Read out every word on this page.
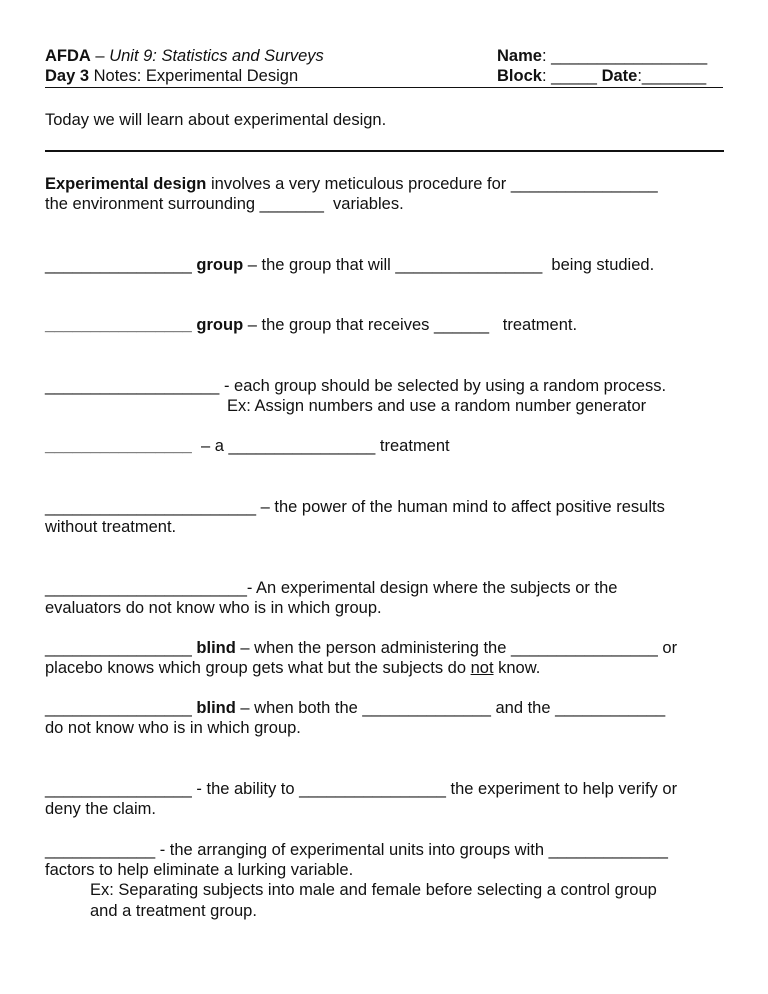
AFDA – Unit 9: Statistics and Surveys
Day 3 Notes: Experimental Design
Name: _________________
Block: _____ Date:_______
Today we will learn about experimental design.
Experimental design involves a very meticulous procedure for ________________
the environment surrounding _______  variables.
________________ group – the group that will ________________  being studied.
________________ group – the group that receives ______   treatment.
___________________ - each group should be selected by using a random process.
Ex: Assign numbers and use a random number generator
________________  – a ________________ treatment
_______________________ – the power of the human mind to affect positive results
without treatment.
______________________- An experimental design where the subjects or the
evaluators do not know who is in which group.
________________ blind – when the person administering the ________________ or
placebo knows which group gets what but the subjects do not know.
________________ blind – when both the ______________ and the ____________
do not know who is in which group.
________________ - the ability to ________________ the experiment to help verify or
deny the claim.
____________ - the arranging of experimental units into groups with _____________
factors to help eliminate a lurking variable.
Ex: Separating subjects into male and female before selecting a control group
and a treatment group.
